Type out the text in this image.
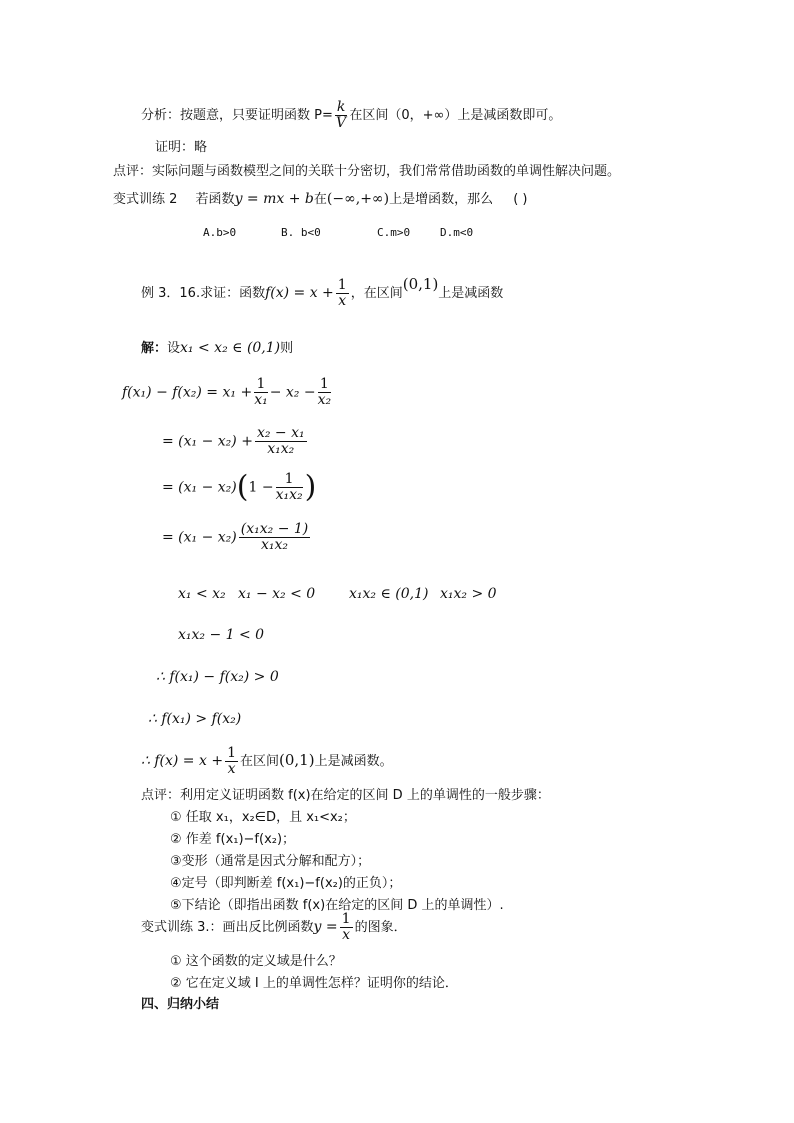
分析：按题意，只要证明函数 $P= \frac{k}{V}$ 在区间（0，+∞）上是减函数即可。
证明：略
点评：实际问题与函数模型之间的关联十分密切，我们常常借助函数的单调性解决问题。
变式训练 2 若函数y = mx + b在(−∞,+∞)上是增函数，那么 ( )
A.b>0	B. b<0	C.m>0	D.m<0
例 3．16.求证：函数$f(x) = x + \frac{1}{x}$ ，在区间(0,1)上是减函数
解：设x₁ < x₂ ∈ (0,1)则
$f(x_1) - f(x_2) = x_1 + \frac{1}{\text{x₁}} - x_2 - \frac{1}{\text{x₂}}$
= $(x_1 - x_2) + \frac{\text{x₂ − x₁}}{\text{x₁x₂}}$
= $(x_1 - x_2)(1 - \frac{1}{\text{x₁x₂}}$ )
= $(x_1 - x_2) \frac{\text{(x₁x₂ − 1)}}{\text{x₁x₂}}$
x₁ < x₂ x₁ − x₂ < 0 x₁x₂ ∈ (0,1) x₁x₂ > 0
x₁x₂ − 1 < 0
∴ f(x₁) − f(x₂) > 0
∴ f(x₁) > f(x₂)
∴ $f(x) = x + \frac{1}{x}$ 在区间(0,1)上是减函数。
点评：利用定义证明函数 f(x)在给定的区间 D 上的单调性的一般步骤：
① 任取 x₁，x₂∈D，且 x₁<x₂；
② 作差 f(x₁)−f(x₂)；
③变形（通常是因式分解和配方）；
④定号（即判断差 f(x₁)−f(x₂)的正负）；
⑤下结论（即指出函数 f(x)在给定的区间 D 上的单调性）.
变式训练 3.：画出反比例函数$y = \frac{1}{x}$ 的图象．
① 这个函数的定义域是什么？
② 它在定义域 I 上的单调性怎样？证明你的结论．
四、归纳小结
